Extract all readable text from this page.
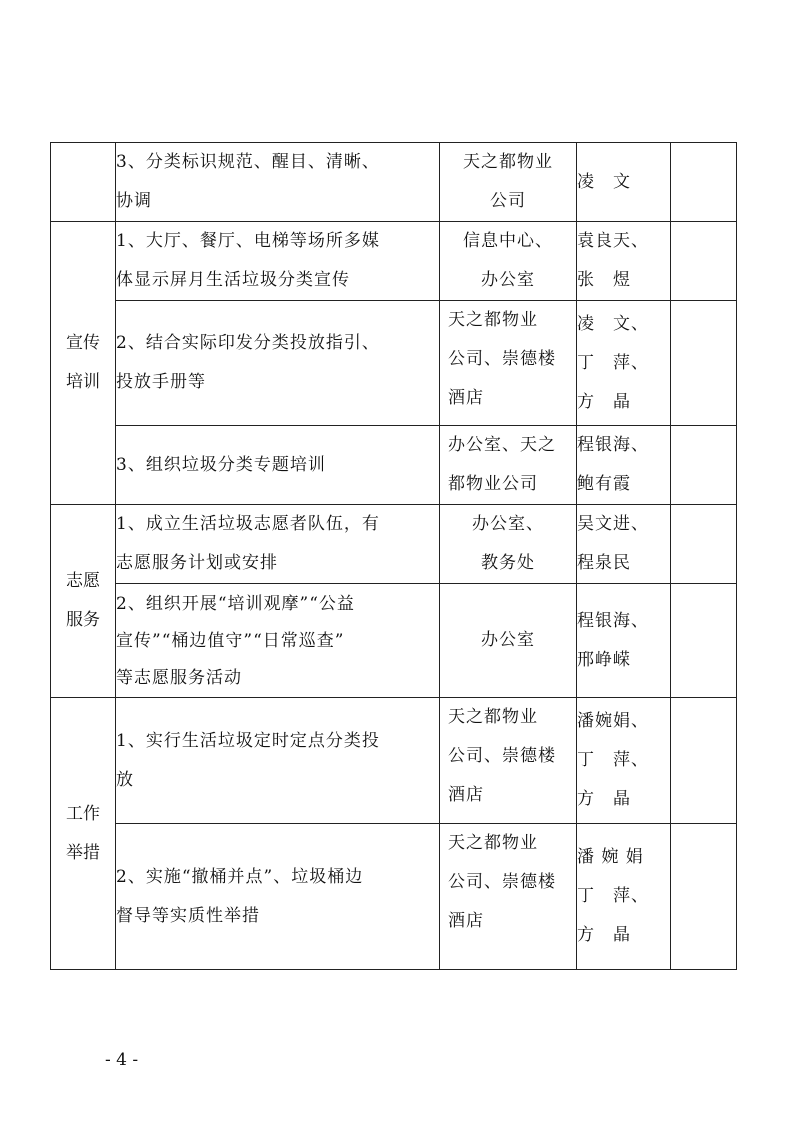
	3、分类标识规范、醒目、清晰、
协调	天之都物业
公司	凌　文	

宣传
培训	1、大厅、餐厅、电梯等场所多媒
体显示屏月生活垃圾分类宣传	信息中心、
办公室	袁良天、
张　煜	

	2、结合实际印发分类投放指引、
投放手册等	天之都物业
公司、崇德楼
酒店	凌　文、
丁　萍、
方　晶	

	3、组织垃圾分类专题培训	办公室、天之
都物业公司	程银海、
鲍有霞	

志愿
服务	1、成立生活垃圾志愿者队伍，有
志愿服务计划或安排	办公室、
教务处	吴文进、
程泉民	

	2、组织开展“培训观摩”“公益
宣传”“桶边值守”“日常巡查”
等志愿服务活动	办公室	程银海、
邢峥嵘	

工作
举措	1、实行生活垃圾定时定点分类投
放	天之都物业
公司、崇德楼
酒店	潘婉娟、
丁　萍、
方　晶	

	2、实施“撤桶并点”、垃圾桶边
督导等实质性举措	天之都物业
公司、崇德楼
酒店	潘 婉 娟
丁　萍、
方　晶	

- 4 -
